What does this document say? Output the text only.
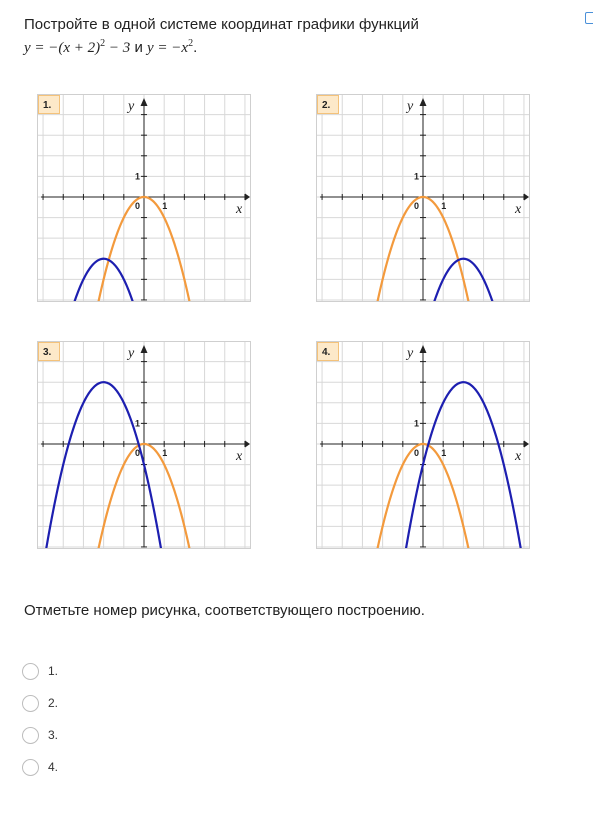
Постройте в одной системе координат графики функций
$y = -(x + 2)^2 - 3$ и $y = -x^2$.
0 1
1
x
y
1.
0 1
1
x
y
2.
0 1
1
x
y
3.
0 1
1
x
y
4.
Отметьте номер рисунка, соответствующего построению.
1.
2.
3.
4.
